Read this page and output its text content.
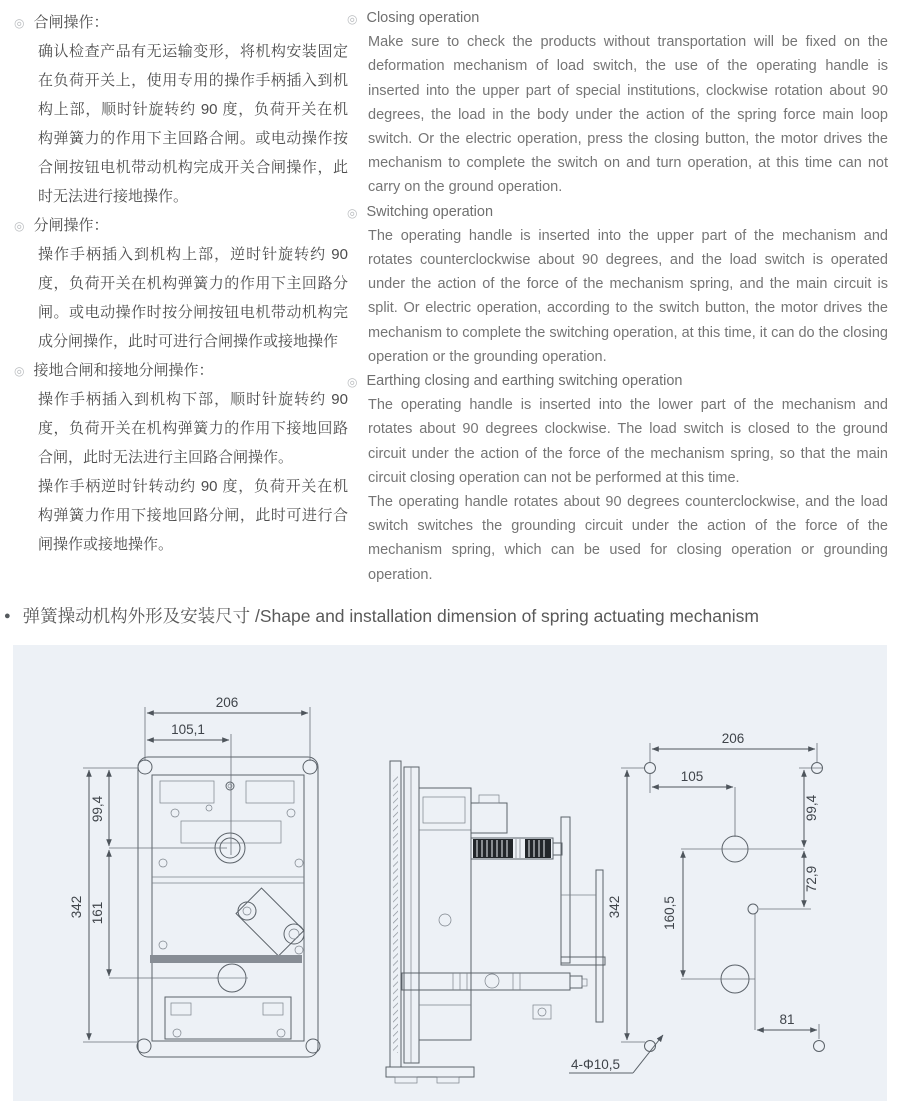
◎ 合闸操作：

确认检查产品有无运输变形，将机构安装固定在负荷开关上，使用专用的操作手柄插入到机构上部，顺时针旋转约 90 度，负荷开关在机构弹簧力的作用下主回路合闸。或电动操作按合闸按钮电机带动机构完成开关合闸操作，此时无法进行接地操作。

◎ 分闸操作：

操作手柄插入到机构上部，逆时针旋转约 90 度，负荷开关在机构弹簧力的作用下主回路分闸。或电动操作时按分闸按钮电机带动机构完成分闸操作，此时可进行合闸操作或接地操作

◎ 接地合闸和接地分闸操作：

操作手柄插入到机构下部，顺时针旋转约 90 度，负荷开关在机构弹簧力的作用下接地回路合闸，此时无法进行主回路合闸操作。

操作手柄逆时针转动约 90 度，负荷开关在机构弹簧力作用下接地回路分闸，此时可进行合闸操作或接地操作。

◎ Closing operation

Make sure to check the products without transportation will be fixed on the deformation mechanism of load switch, the use of the operating handle is inserted into the upper part of special institutions, clockwise rotation about 90 degrees, the load in the body under the action of the spring force main loop switch. Or the electric operation, press the closing button, the motor drives the mechanism to complete the switch on and turn operation, at this time can not carry on the ground operation.

◎ Switching operation

The operating handle is inserted into the upper part of the mechanism and rotates counterclockwise about 90 degrees, and the load switch is operated under the action of the force of the mechanism spring, and the main circuit is split. Or electric operation, according to the switch button, the motor drives the mechanism to complete the switching operation, at this time, it can do the closing operation or the grounding operation.

◎ Earthing closing and earthing switching operation

The operating handle is inserted into the lower part of the mechanism and rotates about 90 degrees clockwise. The load switch is closed to the ground circuit under the action of the force of the mechanism spring, so that the main circuit closing operation can not be performed at this time.

The operating handle rotates about 90 degrees counterclockwise, and the load switch switches the grounding circuit under the action of the force of the mechanism spring, which can be used for closing operation or grounding operation.

● 弹簧操动机构外形及安装尺寸 /Shape and installation dimension of spring actuating mechanism
206
105,1
342
99,4
161
206
105
342
99,4
72,9
160,5
81
4-Φ10,5
